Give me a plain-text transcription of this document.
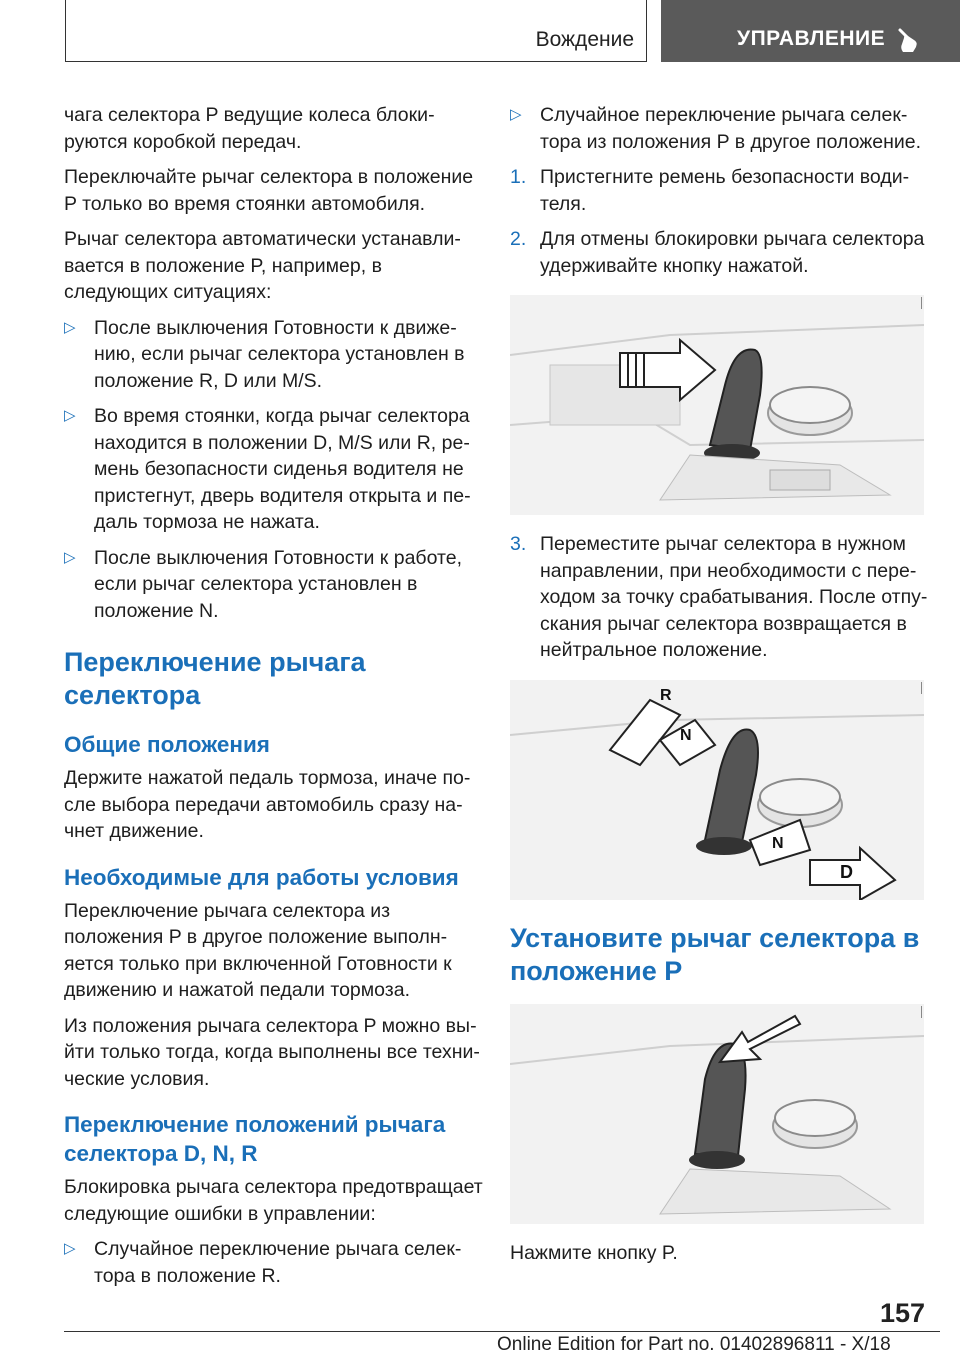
Вождение	УПРАВЛЕНИЕ

чага селектора P ведущие колеса блокируются коробкой передач.

Переключайте рычаг селектора в положение P только во время стоянки автомобиля.

Рычаг селектора автоматически устанавливается в положение P, например, в следующих ситуациях:

▷ После выключения Готовности к движению, если рычаг селектора установлен в положение R, D или M/S.
▷ Во время стоянки, когда рычаг селектора находится в положении D, M/S или R, ремень безопасности сиденья водителя не пристегнут, дверь водителя открыта и педаль тормоза не нажата.
▷ После выключения Готовности к работе, если рычаг селектора установлен в положение N.
Переключение рычага селектора
Общие положения

Держите нажатой педаль тормоза, иначе после выбора передачи автомобиль сразу начнет движение.

Необходимые для работы условия

Переключение рычага селектора из положения P в другое положение выполняется только при включенной Готовности к движению и нажатой педали тормоза.

Из положения рычага селектора P можно выйти только тогда, когда выполнены все технические условия.

Переключение положений рычага селектора D, N, R

Блокировка рычага селектора предотвращает следующие ошибки в управлении:

▷ Случайное переключение рычага селектора в положение R.
▷ Случайное переключение рычага селектора из положения P в другое положение.
1. Пристегните ремень безопасности водителя.
2. Для отмены блокировки рычага селектора удерживайте кнопку нажатой.
3. Переместите рычаг селектора в нужном направлении, при необходимости с переходом за точку срабатывания. После отпускания рычаг селектора возвращается в нейтральное положение.
R
N
N
D
Установите рычаг селектора в положение P

Нажмите кнопку P.

157
Online Edition for Part no. 01402896811 - X/18
